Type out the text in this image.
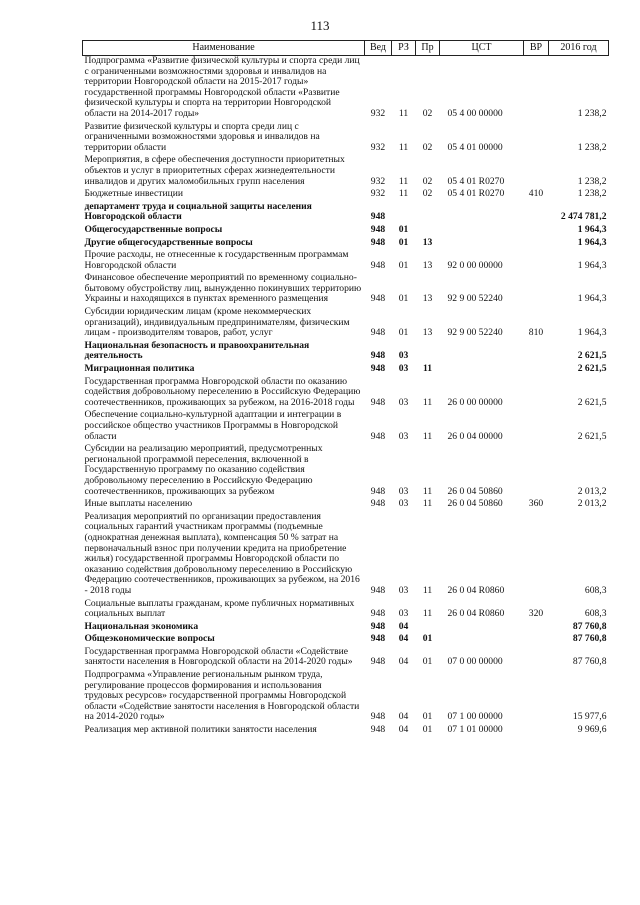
113
Наименование	Вед	РЗ	Пр	ЦСТ	ВР	2016 год
Подпрограмма «Развитие физической культуры и спорта среди лиц с ограниченными возможностями здоровья и инвалидов на территории Новгородской области на 2015-2017 годы» государственной программы Новгородской области «Развитие физической культуры и спорта на территории Новгородской области на 2014-2017 годы»	932	11	02	05 4 00 00000		1 238,2
Развитие физической культуры и спорта среди лиц с ограниченными возможностями здоровья и инвалидов на территории области	932	11	02	05 4 01 00000		1 238,2
Мероприятия, в сфере обеспечения доступности приоритетных объектов и услуг в приоритетных сферах жизнедеятельности инвалидов и других маломобильных групп населения	932	11	02	05 4 01 R0270		1 238,2
Бюджетные инвестиции	932	11	02	05 4 01 R0270	410	1 238,2
департамент труда и социальной защиты населения Новгородской области	948					2 474 781,2
Общегосударственные вопросы	948	01				1 964,3
Другие общегосударственные вопросы	948	01	13			1 964,3
Прочие расходы, не отнесенные к государственным программам Новгородской области	948	01	13	92 0 00 00000		1 964,3
Финансовое обеспечение мероприятий по временному социально-бытовому обустройству лиц, вынужденно покинувших территорию Украины и находящихся в пунктах временного размещения	948	01	13	92 9 00 52240		1 964,3
Субсидии юридическим лицам (кроме некоммерческих организаций), индивидуальным предпринимателям, физическим лицам - производителям товаров, работ, услуг	948	01	13	92 9 00 52240	810	1 964,3
Национальная безопасность и правоохранительная деятельность	948	03				2 621,5
Миграционная политика	948	03	11			2 621,5
Государственная программа Новгородской области по оказанию содействия добровольному переселению в Российскую Федерацию соотечественников, проживающих за рубежом, на 2016-2018 годы	948	03	11	26 0 00 00000		2 621,5
Обеспечение социально-культурной адаптации и интеграции в российское общество участников Программы в Новгородской области	948	03	11	26 0 04 00000		2 621,5
Субсидии на реализацию мероприятий, предусмотренных региональной программой переселения, включенной в Государственную программу по оказанию содействия добровольному переселению в Российскую Федерацию соотечественников, проживающих за рубежом	948	03	11	26 0 04 50860		2 013,2
Иные выплаты населению	948	03	11	26 0 04 50860	360	2 013,2
Реализация мероприятий по организации предоставления социальных гарантий участникам программы (подъемные (однократная денежная выплата), компенсация 50 % затрат на первоначальный взнос при получении кредита на приобретение жилья) государственной программы Новгородской области по оказанию содействия добровольному переселению в Российскую Федерацию соотечественников, проживающих за рубежом, на 2016 - 2018 годы	948	03	11	26 0 04 R0860		608,3
Социальные выплаты гражданам, кроме публичных нормативных социальных выплат	948	03	11	26 0 04 R0860	320	608,3
Национальная экономика	948	04				87 760,8
Общеэкономические вопросы	948	04	01			87 760,8
Государственная программа Новгородской области «Содействие занятости населения в Новгородской области на 2014-2020 годы»	948	04	01	07 0 00 00000		87 760,8
Подпрограмма «Управление региональным рынком труда, регулирование процессов формирования и использования трудовых ресурсов» государственной программы Новгородской области «Содействие занятости населения в Новгородской области на 2014-2020 годы»	948	04	01	07 1 00 00000		15 977,6
Реализация мер активной политики занятости населения	948	04	01	07 1 01 00000		9 969,6
